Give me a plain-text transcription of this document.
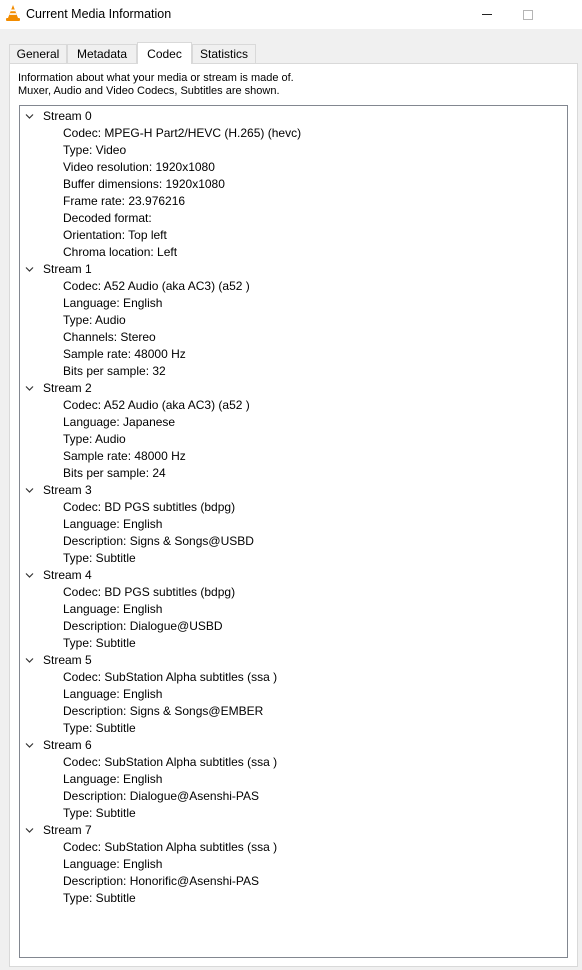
Current Media Information
General Metadata Codec Statistics
Information about what your media or stream is made of.
Muxer, Audio and Video Codecs, Subtitles are shown.
Stream 0
Codec: MPEG-H Part2/HEVC (H.265) (hevc)
Type: Video
Video resolution: 1920x1080
Buffer dimensions: 1920x1080
Frame rate: 23.976216
Decoded format:
Orientation: Top left
Chroma location: Left
Stream 1
Codec: A52 Audio (aka AC3) (a52 )
Language: English
Type: Audio
Channels: Stereo
Sample rate: 48000 Hz
Bits per sample: 32
Stream 2
Codec: A52 Audio (aka AC3) (a52 )
Language: Japanese
Type: Audio
Sample rate: 48000 Hz
Bits per sample: 24
Stream 3
Codec: BD PGS subtitles (bdpg)
Language: English
Description: Signs & Songs@USBD
Type: Subtitle
Stream 4
Codec: BD PGS subtitles (bdpg)
Language: English
Description: Dialogue@USBD
Type: Subtitle
Stream 5
Codec: SubStation Alpha subtitles (ssa )
Language: English
Description: Signs & Songs@EMBER
Type: Subtitle
Stream 6
Codec: SubStation Alpha subtitles (ssa )
Language: English
Description: Dialogue@Asenshi-PAS
Type: Subtitle
Stream 7
Codec: SubStation Alpha subtitles (ssa )
Language: English
Description: Honorific@Asenshi-PAS
Type: Subtitle
